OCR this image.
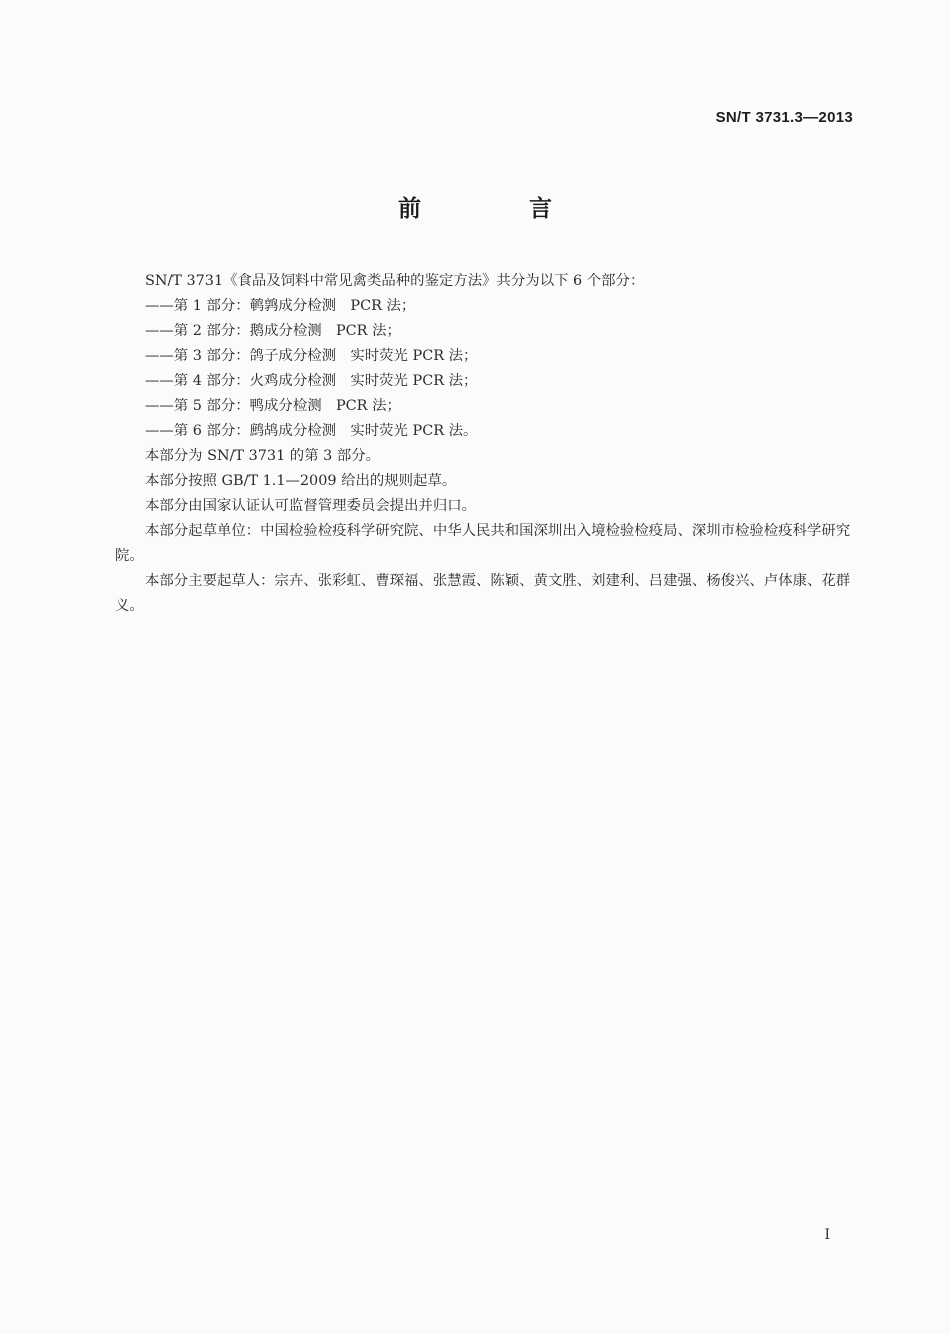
SN/T 3731.3—2013
前 言

SN/T 3731《食品及饲料中常见禽类品种的鉴定方法》共分为以下 6 个部分：

——第 1 部分：鹌鹑成分检测　PCR 法；

——第 2 部分：鹅成分检测　PCR 法；

——第 3 部分：鸽子成分检测　实时荧光 PCR 法；

——第 4 部分：火鸡成分检测　实时荧光 PCR 法；

——第 5 部分：鸭成分检测　PCR 法；

——第 6 部分：鹧鸪成分检测　实时荧光 PCR 法。

本部分为 SN/T 3731 的第 3 部分。

本部分按照 GB/T 1.1—2009 给出的规则起草。

本部分由国家认证认可监督管理委员会提出并归口。

本部分起草单位：中国检验检疫科学研究院、中华人民共和国深圳出入境检验检疫局、深圳市检验检疫科学研究院。

本部分主要起草人：宗卉、张彩虹、曹琛福、张慧霞、陈颖、黄文胜、刘建利、吕建强、杨俊兴、卢体康、花群义。

I
